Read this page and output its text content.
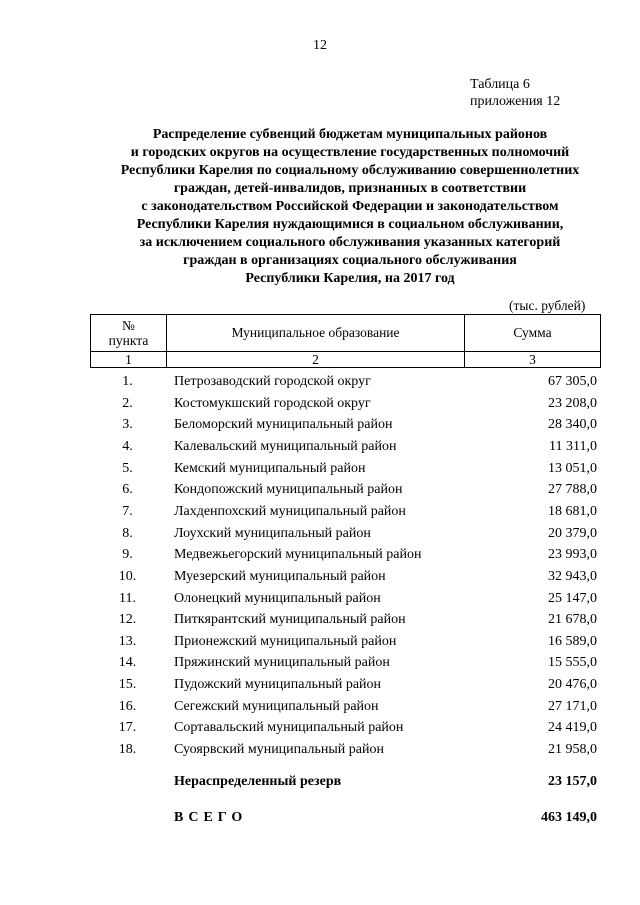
12
Таблица 6
приложения 12
Распределение субвенций бюджетам муниципальных районов
и городских округов на осуществление государственных полномочий
Республики Карелия по социальному обслуживанию совершеннолетних
граждан, детей-инвалидов, признанных в соответствии
с законодательством Российской Федерации и законодательством
Республики Карелия нуждающимися в социальном обслуживании,
за исключением социального обслуживания указанных категорий
граждан в организациях социального обслуживания
Республики Карелия, на 2017 год
(тыс. рублей)
№
пункта	Муниципальное образование	Сумма
1	2	3
1.	Петрозаводский городской округ	67 305,0
2.	Костомукшский городской округ	23 208,0
3.	Беломорский муниципальный район	28 340,0
4.	Калевальский муниципальный район	11 311,0
5.	Кемский муниципальный район	13 051,0
6.	Кондопожский муниципальный район	27 788,0
7.	Лахденпохский муниципальный район	18 681,0
8.	Лоухский муниципальный район	20 379,0
9.	Медвежьегорский муниципальный район	23 993,0
10.	Муезерский муниципальный район	32 943,0
11.	Олонецкий муниципальный район	25 147,0
12.	Питкярантский муниципальный район	21 678,0
13.	Прионежский муниципальный район	16 589,0
14.	Пряжинский муниципальный район	15 555,0
15.	Пудожский муниципальный район	20 476,0
16.	Сегежский муниципальный район	27 171,0
17.	Сортавальский муниципальный район	24 419,0
18.	Суоярвский муниципальный район	21 958,0
Нераспределенный резерв	23 157,0
ВСЕГО	463 149,0
